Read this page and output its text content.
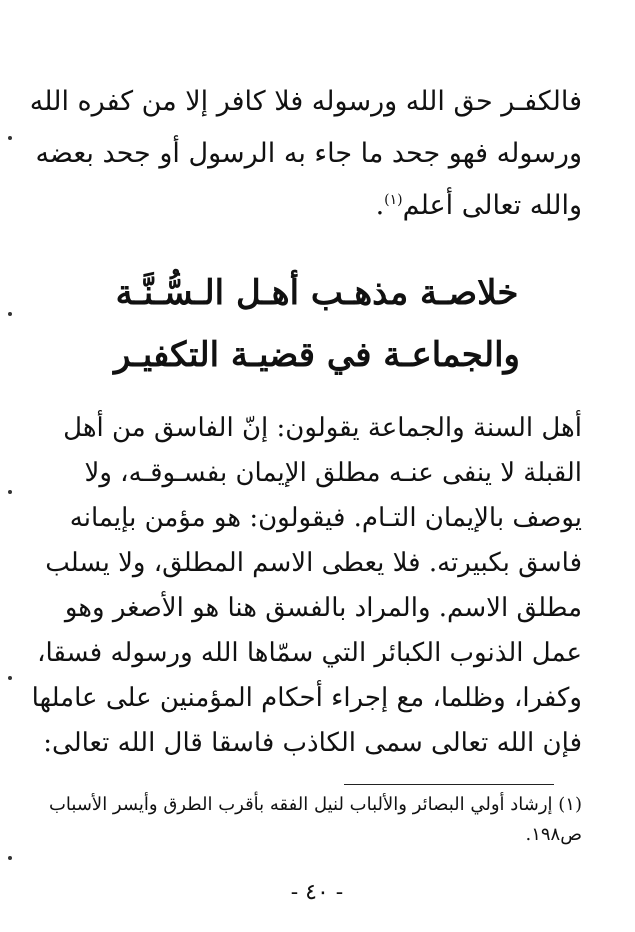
فالكفـر حق الله ورسوله فلا كافر إلا من كفره الله
ورسوله فهو جحد ما جاء به الرسول أو جحد بعضه
والله تعالى أعلم$^{(١)}$.
خلاصـة مذهـب أهـل الـسُّـنَّـة
والجماعـة في قضيـة التكفيـر
أهل السنة والجماعة يقولون: إنّ الفاسق من أهل
القبلة لا ينفى عنـه مطلق الإيمان بفسـوقـه، ولا
يوصف بالإيمان التـام. فيقولون: هو مؤمن بإيمانه
فاسق بكبيرته. فلا يعطى الاسم المطلق، ولا يسلب
مطلق الاسم. والمراد بالفسق هنا هو الأصغر وهو
عمل الذنوب الكبائر التي سمّاها الله ورسوله فسقا،
وكفرا، وظلما، مع إجراء أحكام المؤمنين على عاملها
فإن الله تعالى سمى الكاذب فاسقا قال الله تعالى:
(١) إرشاد أولي البصائر والألباب لنيل الفقه بأقرب الطرق وأيسر الأسباب
ص١٩٨.
- ٤٠ -
